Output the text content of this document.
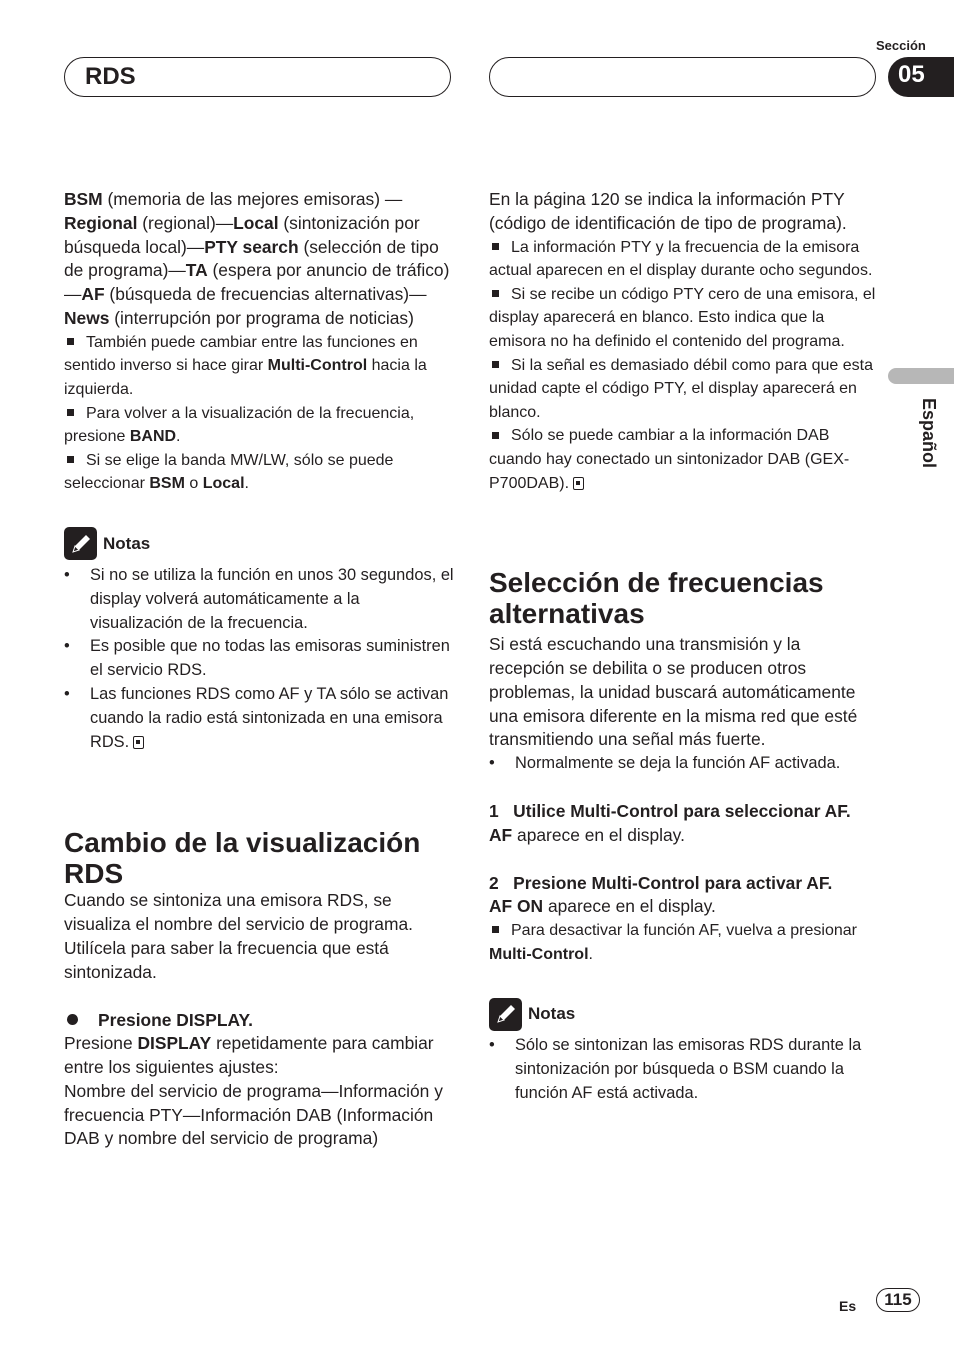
RDS
Sección
05
Español

BSM (memoria de las mejores emisoras) —Regional (regional)—Local (sintonización por búsqueda local)—PTY search (selección de tipo de programa)—TA (espera por anuncio de tráfico)—AF (búsqueda de frecuencias alternativas)—News (interrupción por programa de noticias)

También puede cambiar entre las funciones en sentido inverso si hace girar Multi-Control hacia la izquierda.

Para volver a la visualización de la frecuencia, presione BAND.

Si se elige la banda MW/LW, sólo se puede seleccionar BSM o Local.

Notas

• Si no se utiliza la función en unos 30 segundos, el display volverá automáticamente a la visualización de la frecuencia.

• Es posible que no todas las emisoras suministren el servicio RDS.

• Las funciones RDS como AF y TA sólo se activan cuando la radio está sintonizada en una emisora RDS.

Cambio de la visualización RDS

Cuando se sintoniza una emisora RDS, se visualiza el nombre del servicio de programa. Utilícela para saber la frecuencia que está sintonizada.

Presione DISPLAY.

Presione DISPLAY repetidamente para cambiar entre los siguientes ajustes:

Nombre del servicio de programa—Información y frecuencia PTY—Información DAB (Información DAB y nombre del servicio de programa)

En la página 120 se indica la información PTY (código de identificación de tipo de programa).

La información PTY y la frecuencia de la emisora actual aparecen en el display durante ocho segundos.

Si se recibe un código PTY cero de una emisora, el display aparecerá en blanco. Esto indica que la emisora no ha definido el contenido del programa.

Si la señal es demasiado débil como para que esta unidad capte el código PTY, el display aparecerá en blanco.

Sólo se puede cambiar a la información DAB cuando hay conectado un sintonizador DAB (GEX-P700DAB).

Selección de frecuencias alternativas

Si está escuchando una transmisión y la recepción se debilita o se producen otros problemas, la unidad buscará automáticamente una emisora diferente en la misma red que esté transmitiendo una señal más fuerte.

• Normalmente se deja la función AF activada.

1 Utilice Multi-Control para seleccionar AF.

AF aparece en el display.

2 Presione Multi-Control para activar AF.

AF ON aparece en el display.

Para desactivar la función AF, vuelva a presionar Multi-Control.

Notas

• Sólo se sintonizan las emisoras RDS durante la sintonización por búsqueda o BSM cuando la función AF está activada.

Es	115
